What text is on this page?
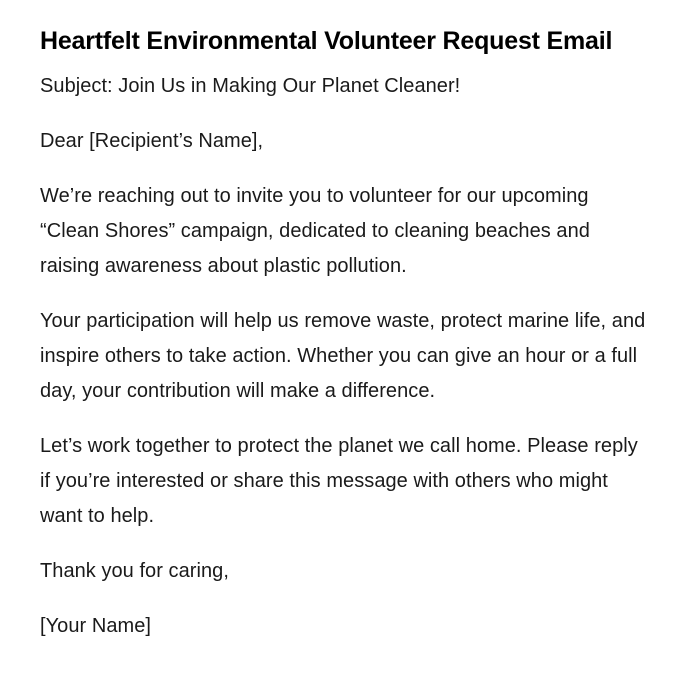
Heartfelt Environmental Volunteer Request Email

Subject: Join Us in Making Our Planet Cleaner!

Dear [Recipient’s Name],

We’re reaching out to invite you to volunteer for our upcoming “Clean Shores” campaign, dedicated to cleaning beaches and raising awareness about plastic pollution.

Your participation will help us remove waste, protect marine life, and inspire others to take action. Whether you can give an hour or a full day, your contribution will make a difference.

Let’s work together to protect the planet we call home. Please reply if you’re interested or share this message with others who might want to help.

Thank you for caring,

[Your Name]
